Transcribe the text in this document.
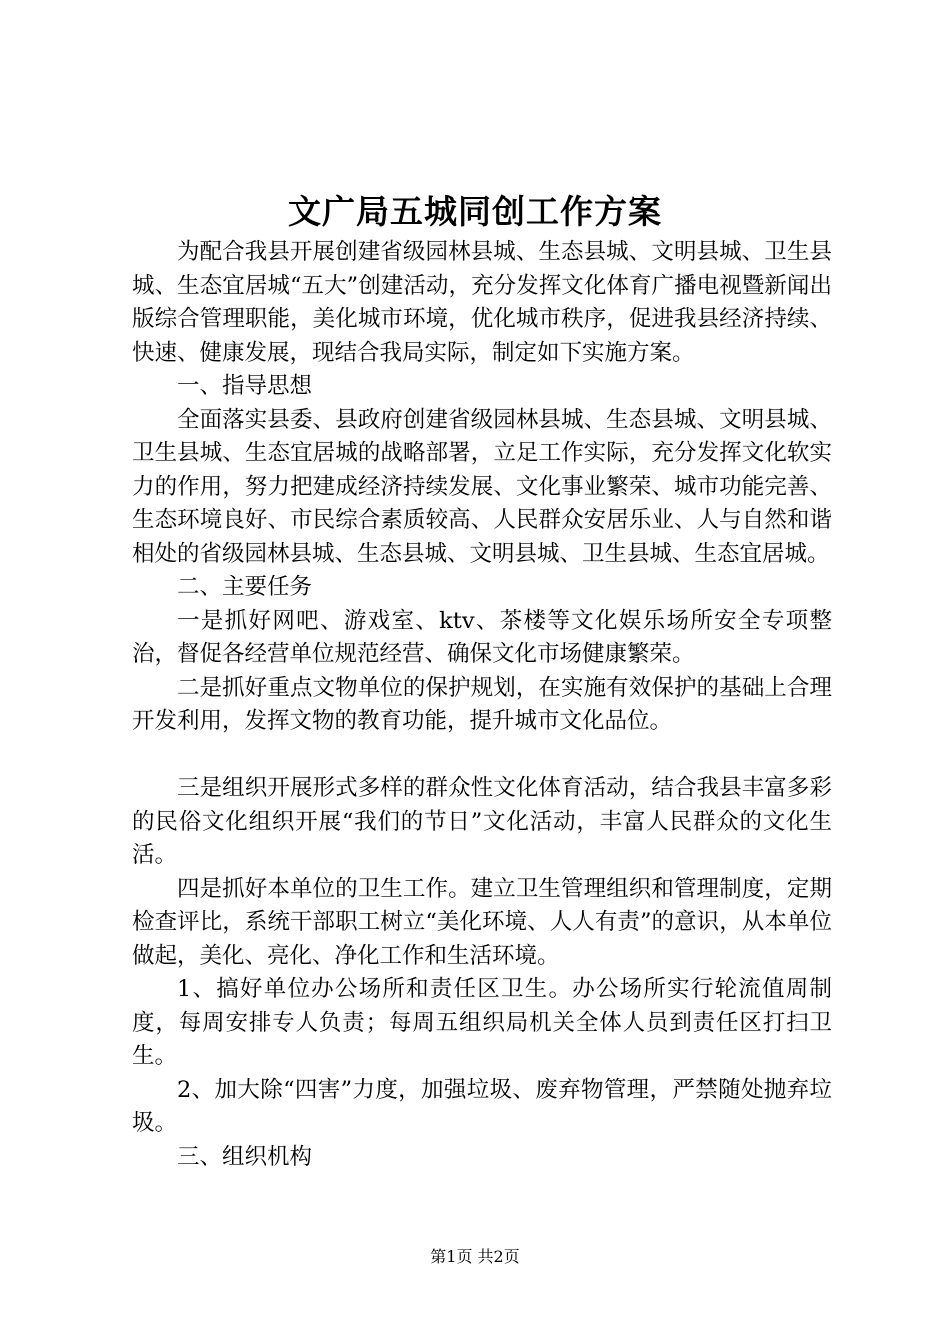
文广局五城同创工作方案

为配合我县开展创建省级园林县城、生态县城、文明县城、卫生县城、生态宜居城“五大”创建活动，充分发挥文化体育广播电视暨新闻出版综合管理职能，美化城市环境，优化城市秩序，促进我县经济持续、快速、健康发展，现结合我局实际，制定如下实施方案。

一、指导思想

全面落实县委、县政府创建省级园林县城、生态县城、文明县城、卫生县城、生态宜居城的战略部署，立足工作实际，充分发挥文化软实力的作用，努力把建成经济持续发展、文化事业繁荣、城市功能完善、生态环境良好、市民综合素质较高、人民群众安居乐业、人与自然和谐相处的省级园林县城、生态县城、文明县城、卫生县城、生态宜居城。

二、主要任务

一是抓好网吧、游戏室、ktv、茶楼等文化娱乐场所安全专项整治，督促各经营单位规范经营、确保文化市场健康繁荣。

二是抓好重点文物单位的保护规划，在实施有效保护的基础上合理开发利用，发挥文物的教育功能，提升城市文化品位。

三是组织开展形式多样的群众性文化体育活动，结合我县丰富多彩的民俗文化组织开展“我们的节日”文化活动，丰富人民群众的文化生活。

四是抓好本单位的卫生工作。建立卫生管理组织和管理制度，定期检查评比，系统干部职工树立“美化环境、人人有责”的意识，从本单位做起，美化、亮化、净化工作和生活环境。

1、搞好单位办公场所和责任区卫生。办公场所实行轮流值周制度，每周安排专人负责；每周五组织局机关全体人员到责任区打扫卫生。

2、加大除“四害”力度，加强垃圾、废弃物管理，严禁随处抛弃垃圾。

三、组织机构

第1页 共2页
